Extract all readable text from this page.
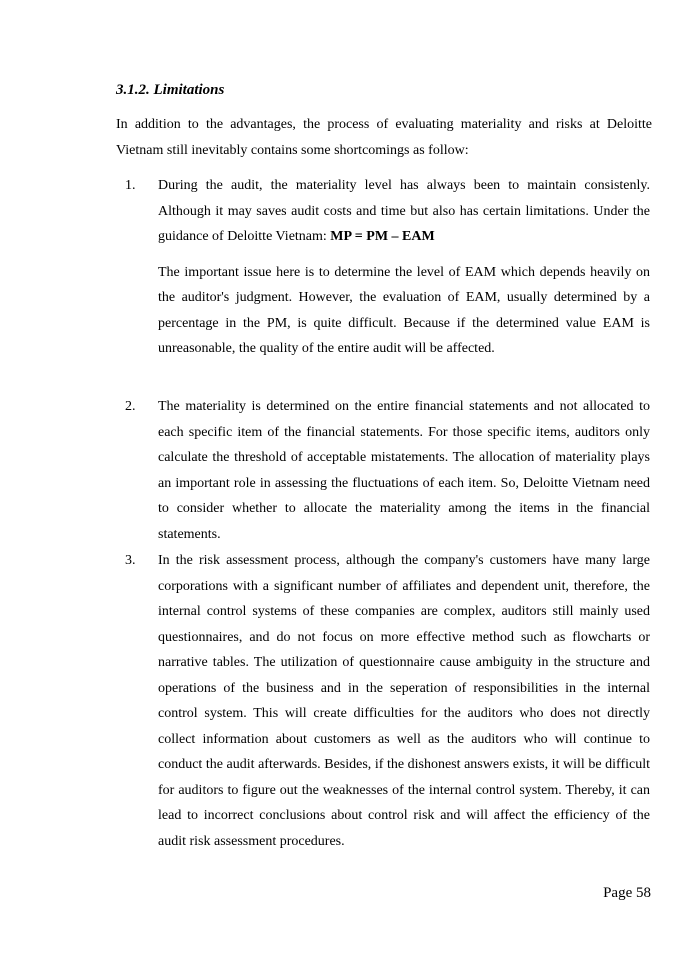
3.1.2. Limitations

In addition to the advantages, the process of evaluating materiality and risks at Deloitte Vietnam still inevitably contains some shortcomings as follow:

1. During the audit, the materiality level has always been to maintain consistenly. Although it may saves audit costs and time but also has certain limitations. Under the guidance of Deloitte Vietnam: MP = PM – EAM

The important issue here is to determine the level of EAM which depends heavily on the auditor's judgment. However, the evaluation of EAM, usually determined by a percentage in the PM, is quite difficult. Because if the determined value EAM is unreasonable, the quality of the entire audit will be affected.

2. The materiality is determined on the entire financial statements and not allocated to each specific item of the financial statements. For those specific items, auditors only calculate the threshold of acceptable mistatements. The allocation of materiality plays an important role in assessing the fluctuations of each item. So, Deloitte Vietnam need to consider whether to allocate the materiality among the items in the financial statements.

3. In the risk assessment process, although the company's customers have many large corporations with a significant number of affiliates and dependent unit, therefore, the internal control systems of these companies are complex, auditors still mainly used questionnaires, and do not focus on more effective method such as flowcharts or narrative tables. The utilization of questionnaire cause ambiguity in the structure and operations of the business and in the seperation of responsibilities in the internal control system. This will create difficulties for the auditors who does not directly collect information about customers as well as the auditors who will continue to conduct the audit afterwards. Besides, if the dishonest answers exists, it will be difficult for auditors to figure out the weaknesses of the internal control system. Thereby, it can lead to incorrect conclusions about control risk and will affect the efficiency of the audit risk assessment procedures.

Page 58
